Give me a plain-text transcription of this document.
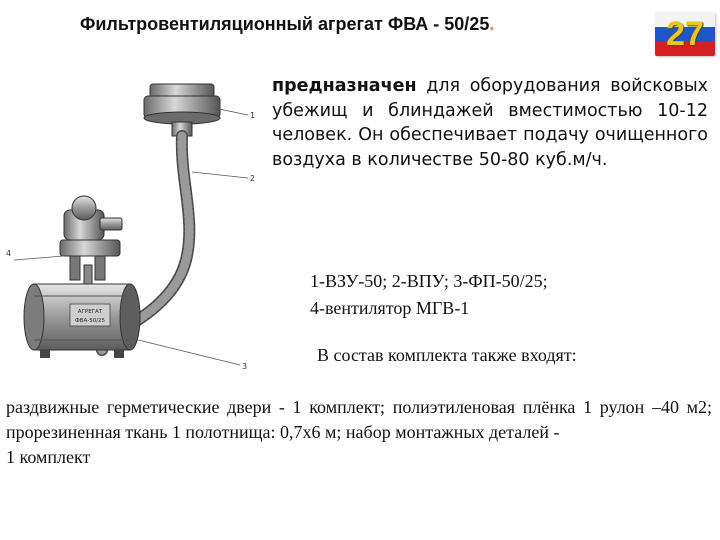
Фильтровентиляционный агрегат ФВА - 50/25.	27
АГРЕГАТ
ФВА-50/25
1
2
3
4
предназначен для оборудования войсковых убежищ и блиндажей вместимостью 10-12 человек. Он обеспечивает подачу очищенного воздуха в количестве 50-80 куб.м/ч.
1-ВЗУ-50; 2-ВПУ; 3-ФП-50/25;
4-вентилятор МГВ-1
В состав комплекта также входят:
раздвижные герметические двери - 1 комплект; полиэтиленовая плёнка 1 рулон –40 м2; прорезиненная ткань 1 полотнища: 0,7х6 м; набор монтажных деталей -
1 комплект
